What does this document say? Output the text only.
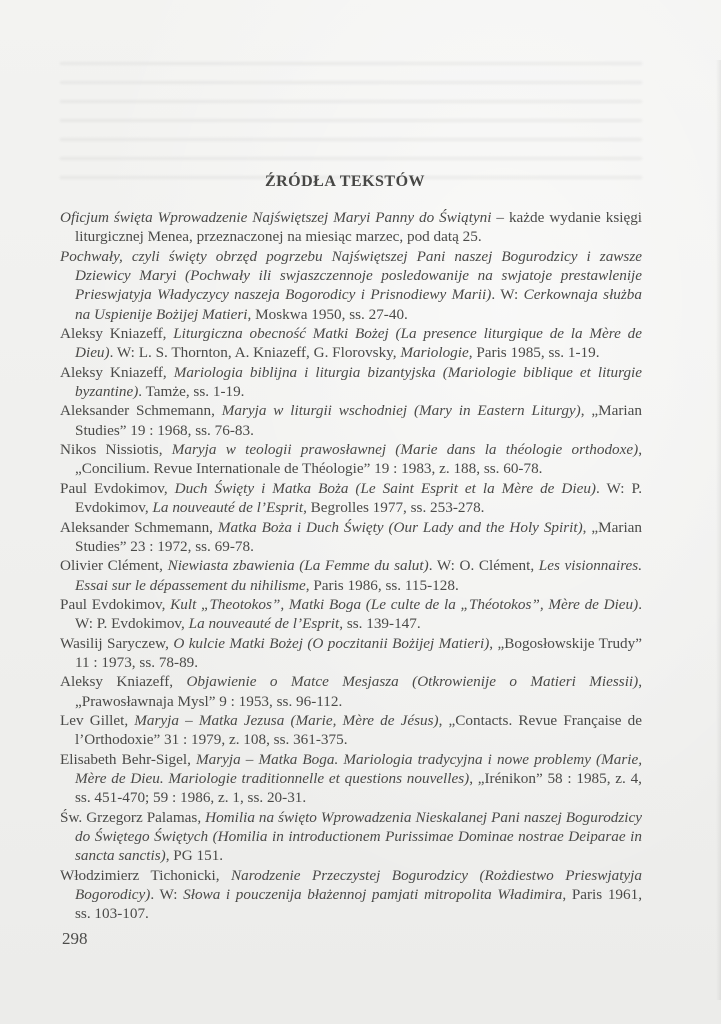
ŹRÓDŁA TEKSTÓW

Oficjum święta Wprowadzenie Najświętszej Maryi Panny do Świątyni – każde wydanie księgi liturgicznej Menea, przeznaczonej na miesiąc marzec, pod datą 25.

Pochwały, czyli święty obrzęd pogrzebu Najświętszej Pani naszej Bogurodzicy i zawsze Dziewicy Maryi (Pochwały ili swjaszczennoje posledowanije na swjatoje prestawlenije Prieswjatyja Władyczycy naszeja Bogorodicy i Prisnodiewy Marii). W: Cerkownaja służba na Uspienije Bożijej Matieri, Moskwa 1950, ss. 27-40.

Aleksy Kniazeff, Liturgiczna obecność Matki Bożej (La presence liturgique de la Mère de Dieu). W: L. S. Thornton, A. Kniazeff, G. Florovsky, Mariologie, Paris 1985, ss. 1-19.

Aleksy Kniazeff, Mariologia biblijna i liturgia bizantyjska (Mariologie biblique et liturgie byzantine). Tamże, ss. 1-19.

Aleksander Schmemann, Maryja w liturgii wschodniej (Mary in Eastern Liturgy), „Marian Studies” 19 : 1968, ss. 76-83.

Nikos Nissiotis, Maryja w teologii prawosławnej (Marie dans la théologie orthodoxe), „Concilium. Revue Internationale de Théologie” 19 : 1983, z. 188, ss. 60-78.

Paul Evdokimov, Duch Święty i Matka Boża (Le Saint Esprit et la Mère de Dieu). W: P. Evdokimov, La nouveauté de l’Esprit, Begrolles 1977, ss. 253-278.

Aleksander Schmemann, Matka Boża i Duch Święty (Our Lady and the Holy Spirit), „Marian Studies” 23 : 1972, ss. 69-78.

Olivier Clément, Niewiasta zbawienia (La Femme du salut). W: O. Clément, Les visionnaires. Essai sur le dépassement du nihilisme, Paris 1986, ss. 115-128.

Paul Evdokimov, Kult „Theotokos”, Matki Boga (Le culte de la „Théotokos”, Mère de Dieu). W: P. Evdokimov, La nouveauté de l’Esprit, ss. 139-147.

Wasilij Saryczew, O kulcie Matki Bożej (O poczitanii Bożijej Matieri), „Bogosłowskije Trudy” 11 : 1973, ss. 78-89.

Aleksy Kniazeff, Objawienie o Matce Mesjasza (Otkrowienije o Matieri Miessii), „Prawosławnaja Mysl” 9 : 1953, ss. 96-112.

Lev Gillet, Maryja – Matka Jezusa (Marie, Mère de Jésus), „Contacts. Revue Française de l’Orthodoxie” 31 : 1979, z. 108, ss. 361-375.

Elisabeth Behr-Sigel, Maryja – Matka Boga. Mariologia tradycyjna i nowe problemy (Marie, Mère de Dieu. Mariologie traditionnelle et questions nouvelles), „Irénikon” 58 : 1985, z. 4, ss. 451-470; 59 : 1986, z. 1, ss. 20-31.

Św. Grzegorz Palamas, Homilia na święto Wprowadzenia Nieskalanej Pani naszej Bogurodzicy do Świętego Świętych (Homilia in introductionem Purissimae Dominae nostrae Deiparae in sancta sanctis), PG 151.

Włodzimierz Tichonicki, Narodzenie Przeczystej Bogurodzicy (Rożdiestwo Prieswjatyja Bogorodicy). W: Słowa i pouczenija błażennoj pamjati mitropolita Władimira, Paris 1961, ss. 103-107.

298
